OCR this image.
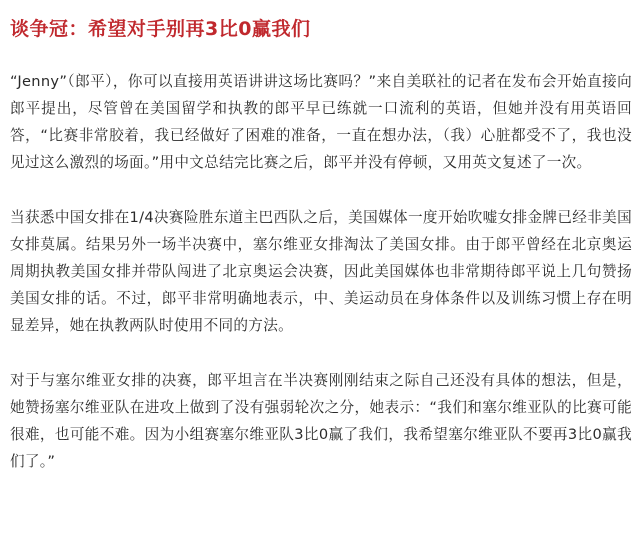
谈争冠：希望对手别再3比0赢我们

“Jenny”（郎平），你可以直接用英语讲讲这场比赛吗？”来自美联社的记者在发布会开始直接向郎平提出，尽管曾在美国留学和执教的郎平早已练就一口流利的英语，但她并没有用英语回答，“比赛非常胶着，我已经做好了困难的准备，一直在想办法，（我）心脏都受不了，我也没见过这么激烈的场面。”用中文总结完比赛之后，郎平并没有停顿，又用英文复述了一次。

当获悉中国女排在1/4决赛险胜东道主巴西队之后，美国媒体一度开始吹嘘女排金牌已经非美国女排莫属。结果另外一场半决赛中，塞尔维亚女排淘汰了美国女排。由于郎平曾经在北京奥运周期执教美国女排并带队闯进了北京奥运会决赛，因此美国媒体也非常期待郎平说上几句赞扬美国女排的话。不过，郎平非常明确地表示，中、美运动员在身体条件以及训练习惯上存在明显差异，她在执教两队时使用不同的方法。

对于与塞尔维亚女排的决赛，郎平坦言在半决赛刚刚结束之际自己还没有具体的想法，但是，她赞扬塞尔维亚队在进攻上做到了没有强弱轮次之分，她表示：“我们和塞尔维亚队的比赛可能很难，也可能不难。因为小组赛塞尔维亚队3比0赢了我们，我希望塞尔维亚队不要再3比0赢我们了。”
